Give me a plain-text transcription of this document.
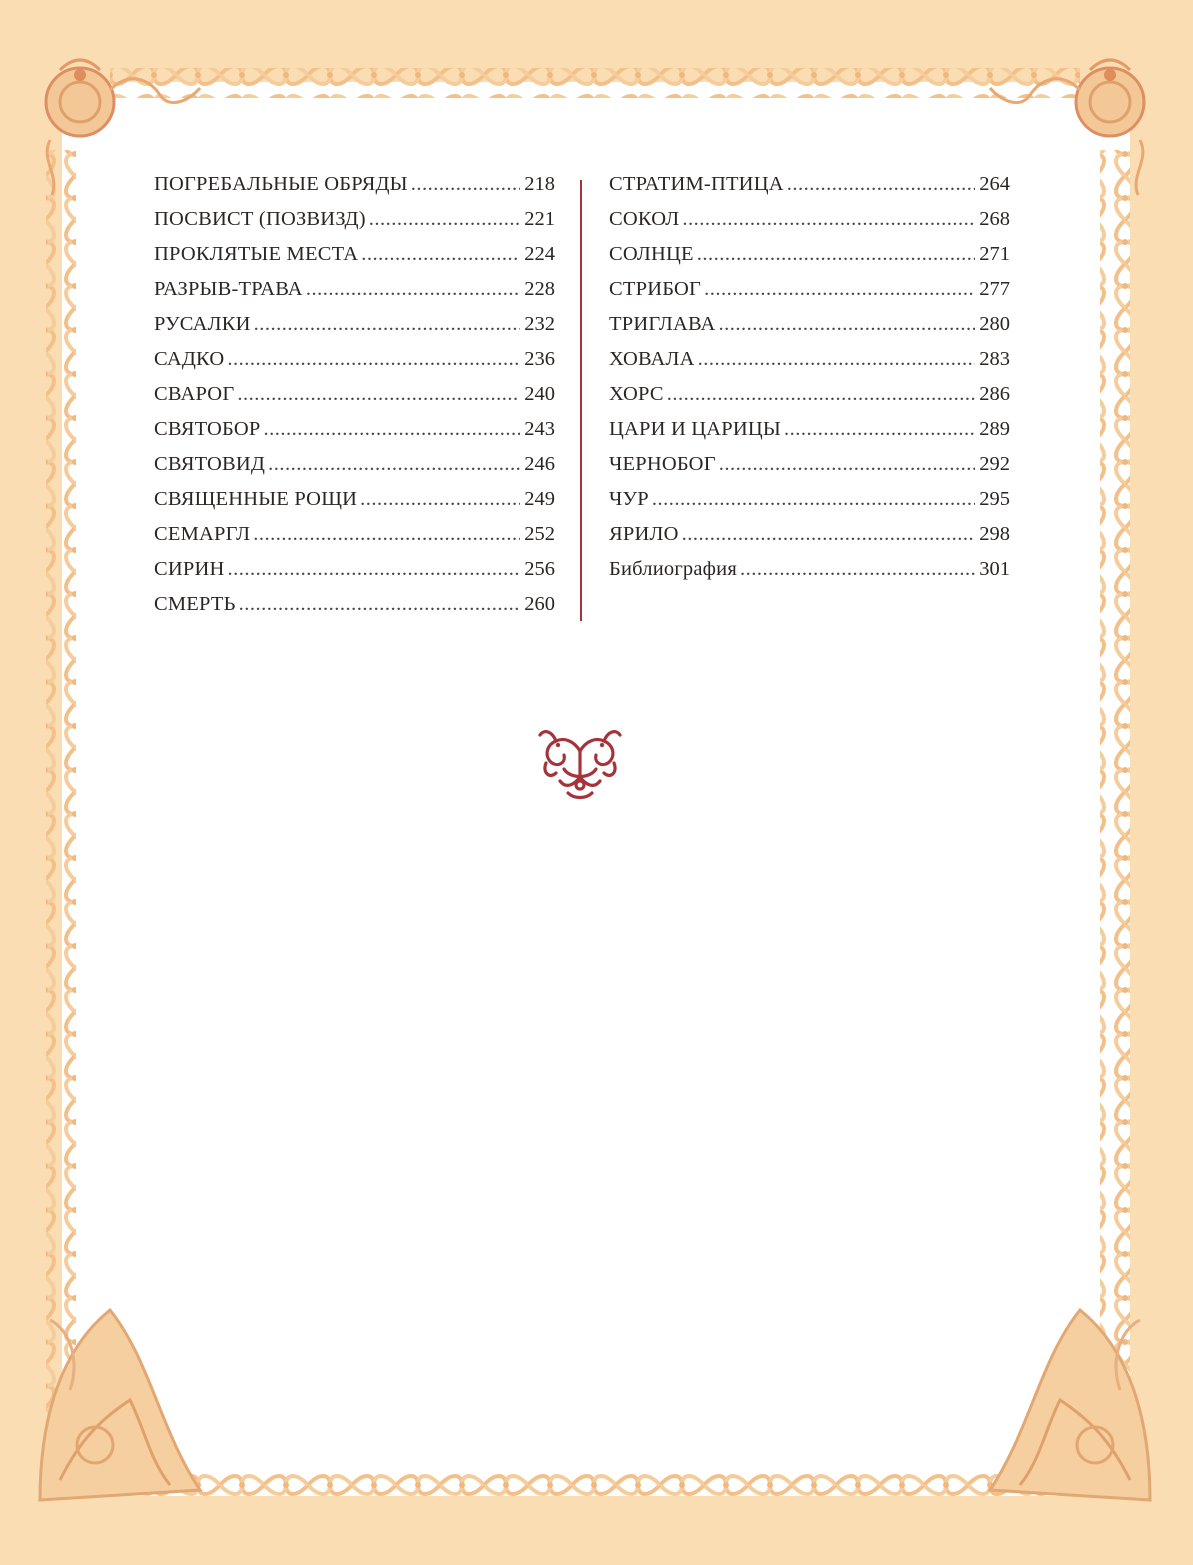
ПОГРЕБАЛЬНЫЕ ОБРЯДЫ .....	218
ПОСВИСТ (ПОЗВИЗД) .....	221
ПРОКЛЯТЫЕ МЕСТА .....	224
РАЗРЫВ-ТРАВА .....	228
РУСАЛКИ .....	232
САДКО .....	236
СВАРОГ .....	240
СВЯТОБОР .....	243
СВЯТОВИД .....	246
СВЯЩЕННЫЕ РОЩИ .....	249
СЕМАРГЛ .....	252
СИРИН .....	256
СМЕРТЬ .....	260
СТРАТИМ-ПТИЦА .....	264
СОКОЛ .....	268
СОЛНЦЕ .....	271
СТРИБОГ .....	277
ТРИГЛАВА .....	280
ХОВАЛА .....	283
ХОРС .....	286
ЦАРИ И ЦАРИЦЫ .....	289
ЧЕРНОБОГ .....	292
ЧУР .....	295
ЯРИЛО .....	298
Библиография .....	301
